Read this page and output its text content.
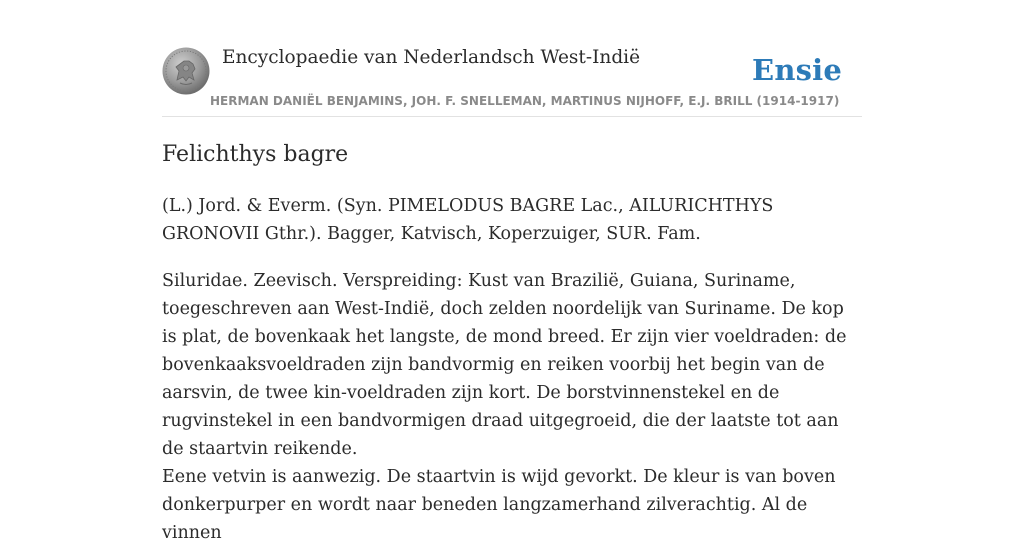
Encyclopaedie van Nederlandsch West-Indië	Ensie
HERMAN DANIËL BENJAMINS, JOH. F. SNELLEMAN, MARTINUS NIJHOFF, E.J. BRILL (1914-1917)
Felichthys bagre

(L.) Jord. & Everm. (Syn. PIMELODUS BAGRE Lac., AILURICHTHYS GRONOVII Gthr.). Bagger, Katvisch, Koperzuiger, SUR. Fam.

Siluridae. Zeevisch. Verspreiding: Kust van Brazilië, Guiana, Suriname, toegeschreven aan West-Indië, doch zelden noordelijk van Suriname. De kop is plat, de bovenkaak het langste, de mond breed. Er zijn vier voeldraden: de bovenkaaksvoeldraden zijn bandvormig en reiken voorbij het begin van de aarsvin, de twee kin-voeldraden zijn kort. De borstvinnenstekel en de rugvinstekel in een bandvormigen draad uitgegroeid, die der laatste tot aan de staartvin reikende.

Eene vetvin is aanwezig. De staartvin is wijd gevorkt. De kleur is van boven donkerpurper en wordt naar beneden langzamerhand zilverachtig. Al de vinnen
